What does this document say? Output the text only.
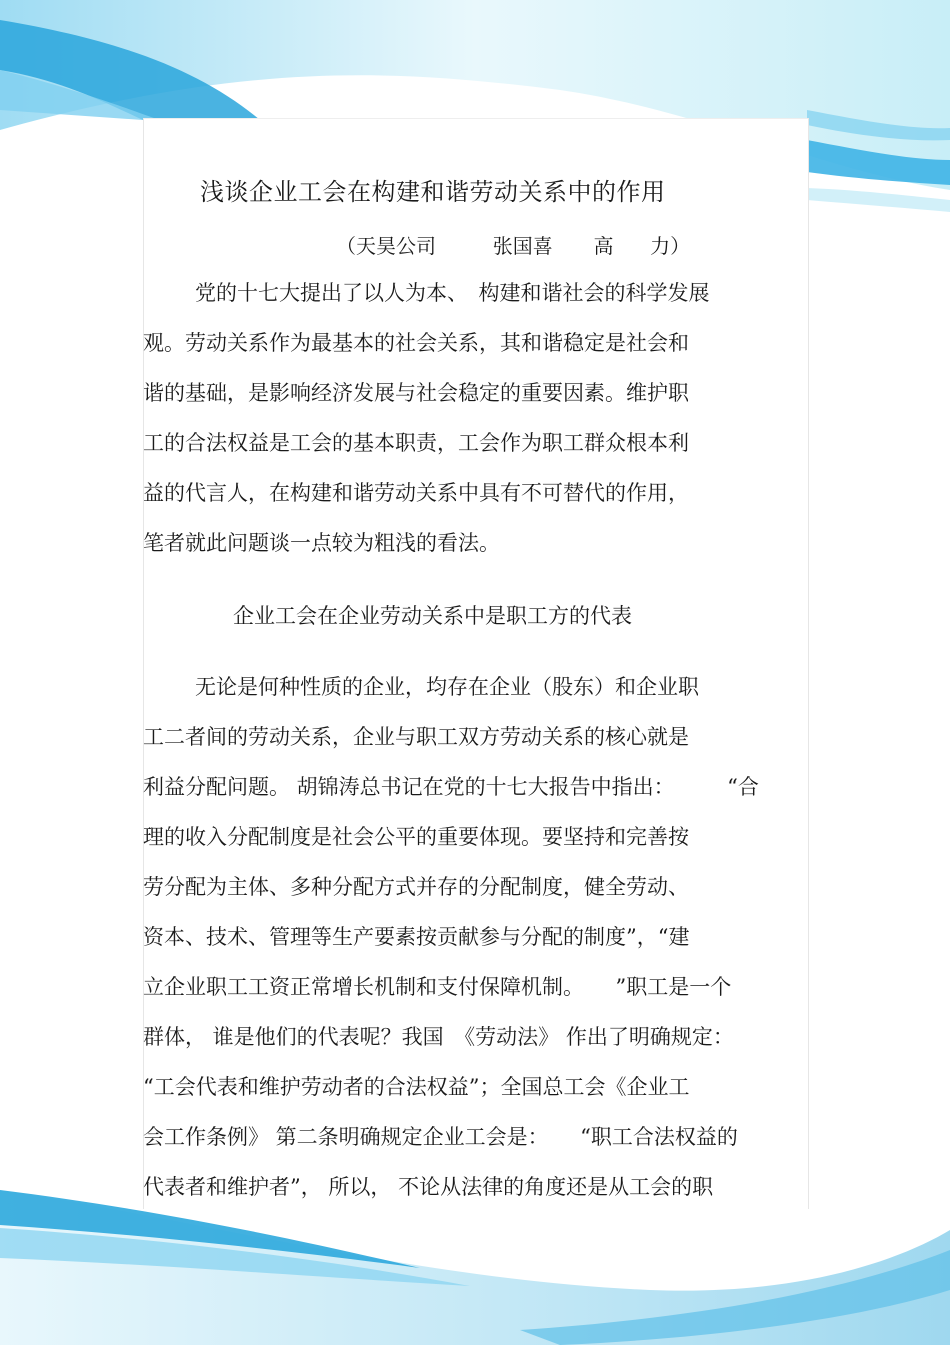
浅谈企业工会在构建和谐劳动关系中的作用
（天昊公司	张国喜 高 力）
党的十七大提出了以人为本、　构建和谐社会的科学发展
观。劳动关系作为最基本的社会关系，其和谐稳定是社会和
谐的基础，是影响经济发展与社会稳定的重要因素。维护职
工的合法权益是工会的基本职责，工会作为职工群众根本利
益的代言人，在构建和谐劳动关系中具有不可替代的作用，
笔者就此问题谈一点较为粗浅的看法。
企业工会在企业劳动关系中是职工方的代表
无论是何种性质的企业，均存在企业（股东）和企业职
工二者间的劳动关系，企业与职工双方劳动关系的核心就是
利益分配问题。 胡锦涛总书记在党的十七大报告中指出：　　　“合
理的收入分配制度是社会公平的重要体现。要坚持和完善按
劳分配为主体、多种分配方式并存的分配制度，健全劳动、
资本、技术、管理等生产要素按贡献参与分配的制度”，“建
立企业职工工资正常增长机制和支付保障机制。　　”职工是一个
群体， 谁是他们的代表呢？我国　《劳动法》 作出了明确规定：
“工会代表和维护劳动者的合法权益”；全国总工会《企业工
会工作条例》 第二条明确规定企业工会是：　　“职工合法权益的
代表者和维护者”， 所以， 不论从法律的角度还是从工会的职
